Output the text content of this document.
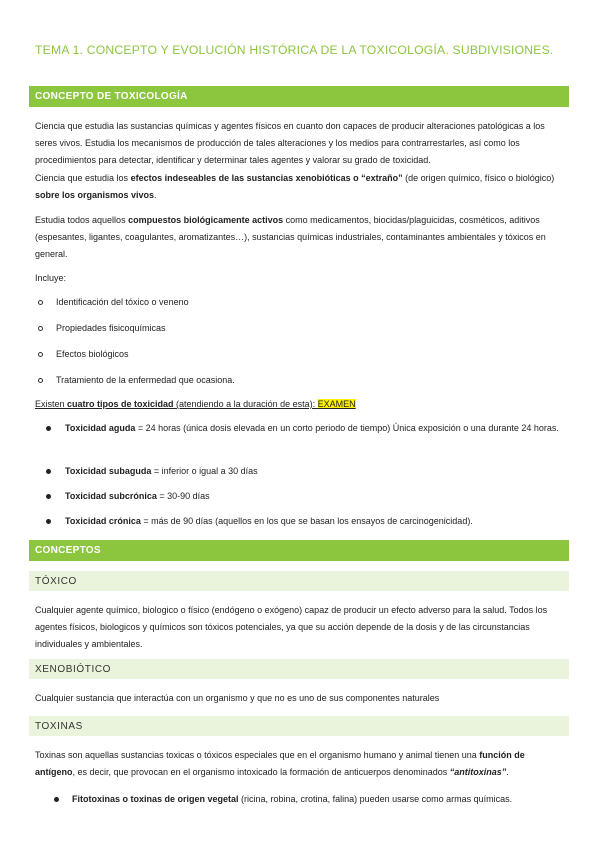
TEMA 1. CONCEPTO Y EVOLUCIÓN HISTÓRICA DE LA TOXICOLOGÍA. SUBDIVISIONES.
CONCEPTO DE TOXICOLOGÍA
Ciencia que estudia las sustancias químicas y agentes físicos en cuanto don capaces de producir alteraciones patológicas a los seres vivos. Estudia los mecanismos de producción de tales alteraciones y los medios para contrarrestarles, así como los procedimientos para detectar, identificar y determinar tales agentes y valorar su grado de toxicidad.
Ciencia que estudia los efectos indeseables de las sustancias xenobióticas o “extraño” (de origen químico, físico o biológico) sobre los organismos vivos.
Estudia todos aquellos compuestos biológicamente activos como medicamentos, biocidas/plaguicidas, cosméticos, aditivos (espesantes, ligantes, coagulantes, aromatizantes…), sustancias químicas industriales, contaminantes ambientales y tóxicos en general.
Incluye:
Identificación del tóxico o veneno
Propiedades fisicoquímicas
Efectos biológicos
Tratamiento de la enfermedad que ocasiona.
Existen cuatro tipos de toxicidad (atendiendo a la duración de esta): EXAMEN
Toxicidad aguda = 24 horas (única dosis elevada en un corto periodo de tiempo) Única exposición o una durante 24 horas.
Toxicidad subaguda = inferior o igual a 30 días
Toxicidad subcrónica = 30-90 días
Toxicidad crónica = más de 90 días (aquellos en los que se basan los ensayos de carcinogenicidad).
CONCEPTOS
TÓXICO
Cualquier agente químico, biologico o físico (endógeno o exógeno) capaz de producir un efecto adverso para la salud. Todos los agentes físicos, biologicos y químicos son tóxicos potenciales, ya que su acción depende de la dosis y de las circunstancias individuales y ambientales.
XENOBIÓTICO
Cualquier sustancia que interactúa con un organismo y que no es uno de sus componentes naturales
TOXINAS
Toxinas son aquellas sustancias toxicas o tóxicos especiales que en el organismo humano y animal tienen una función de antígeno, es decir, que provocan en el organismo intoxicado la formación de anticuerpos denominados “antitoxinas”.
Fitotoxinas o toxinas de origen vegetal (ricina, robina, crotina, falina) pueden usarse como armas químicas.
